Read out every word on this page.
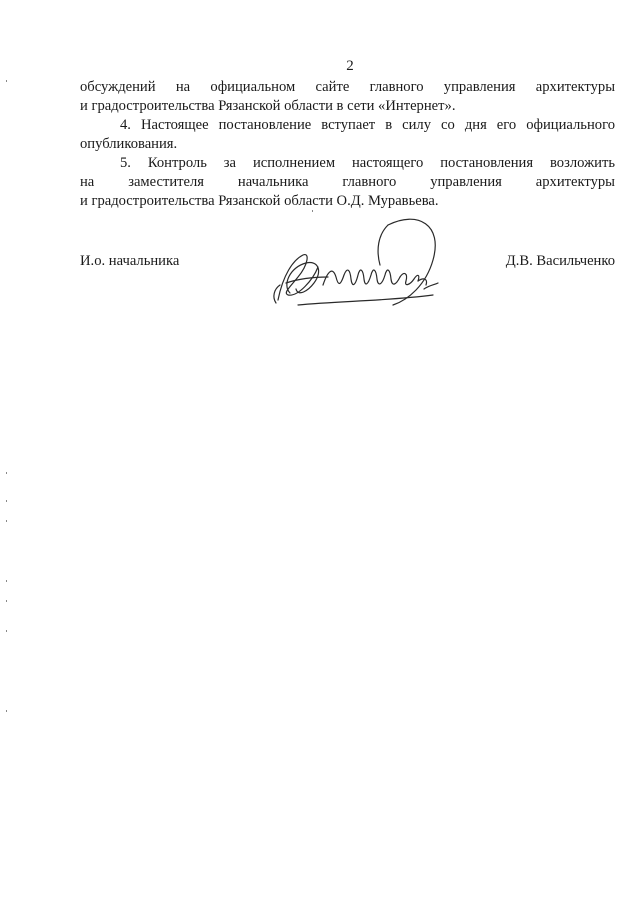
2

обсуждений на официальном сайте главного управления архитектуры
и градостроительства Рязанской области в сети «Интернет».

4. Настоящее постановление вступает в силу со дня его официального
опубликования.

5. Контроль за исполнением настоящего постановления возложить
на заместителя начальника главного управления архитектуры
и градостроительства Рязанской области О.Д. Муравьева.

И.о. начальника	Д.В. Васильченко
